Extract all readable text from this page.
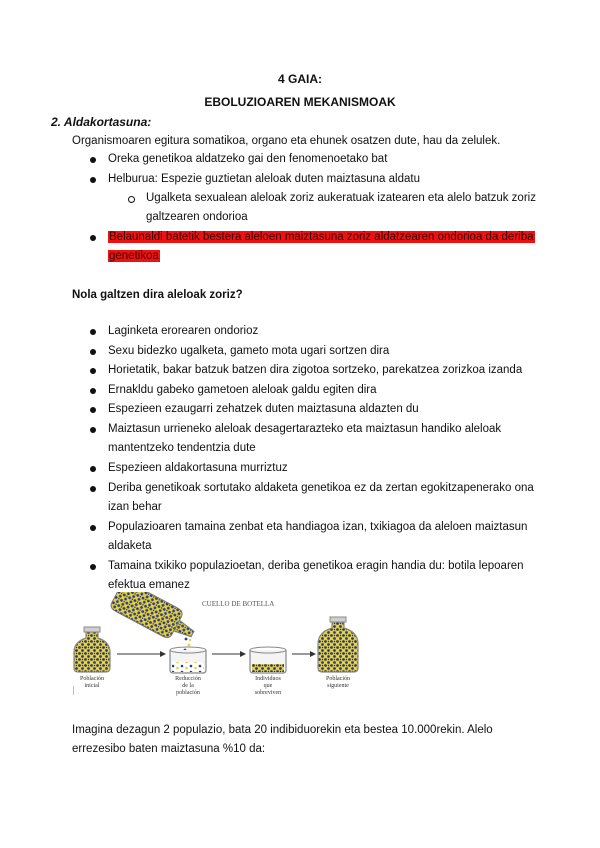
4 GAIA:
EBOLUZIOAREN MEKANISMOAK
2. Aldakortasuna:
Organismoaren egitura somatikoa, organo eta ehunek osatzen dute, hau da zelulek.
Oreka genetikoa aldatzeko gai den fenomenoetako bat
Helburua: Espezie guztietan aleloak duten maiztasuna aldatu
Ugalketa sexualean aleloak zoriz aukeratuak izatearen eta alelo batzuk zoriz
galtzearen ondorioa
Belaunaldi batetik bestera aleloen maiztasuna zoriz aldatzearen ondorioa da deriba
genetikoa
Nola galtzen dira aleloak zoriz?
Laginketa erorearen ondorioz
Sexu bidezko ugalketa, gameto mota ugari sortzen dira
Horietatik, bakar batzuk batzen dira zigotoa sortzeko, parekatzea zorizkoa izanda
Ernakldu gabeko gametoen aleloak galdu egiten dira
Espezieen ezaugarri zehatzek duten maiztasuna aldazten du
Maiztasun urrieneko aleloak desagertarazteko eta maiztasun handiko aleloak
mantentzeko tendentzia dute
Espezieen aldakortasuna murriztuz
Deriba genetikoak sortutako aldaketa genetikoa ez da zertan egokitzapenerako ona
izan behar
Populazioaren tamaina zenbat eta handiagoa izan, txikiagoa da aleloen maiztasun
aldaketa
Tamaina txikiko populazioetan, deriba genetikoa eragin handia du: botila lepoaren
efektua emanez
CUELLO DE BOTELLA
Población
inicial
Reducción
de la
población
Individuos
que
sobreviven
Población
siguiente
Imagina dezagun 2 populazio, bata 20 indibiduorekin eta bestea 10.000rekin. Alelo
errezesibo baten maiztasuna %10 da:
